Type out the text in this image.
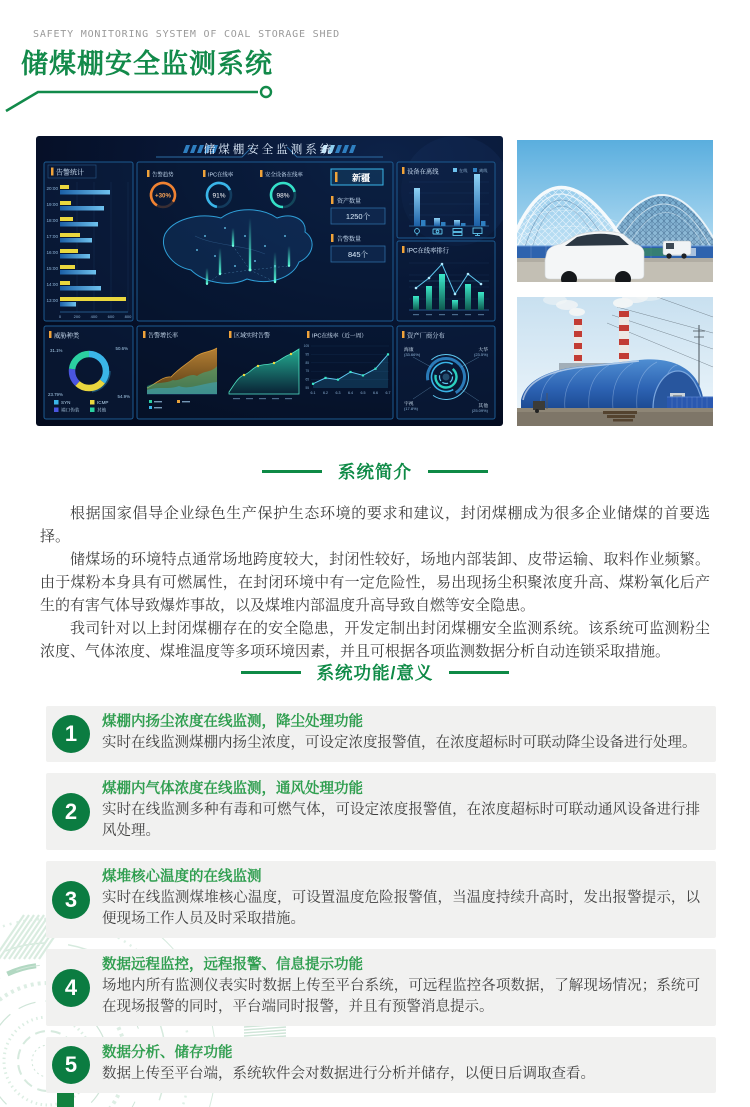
SAFETY MONITORING SYSTEM OF COAL STORAGE SHED
储煤棚安全监测系统
储煤棚安全监测系统
告警统计
20:00
19:00
18:00
17:00
16:00
15:00
14:00
13:00
0	200	400	600	800
告警趋势
+30%
IPC在线率
91%
安全设备在线率
98%
新疆
资产数量
1250个
告警数量
845个
设备在离线	在线	离线
IPC在线率排行
威胁种类
31.1%	50.6%
23.79%	54.9%
SYN	ICMP
端口伪装	其他
告警增长率	区域实时告警	IPC在线率（近一周）
105
95
85
75
65
55
6.1 6.2 6.3 6.4 6.5 6.6 6.7
资产厂商分布
海康
(33.66%)
大华
(23.5%)
宇视
(17.8%)	其他
(25.09%)
系统简介

根据国家倡导企业绿色生产保护生态环境的要求和建议，封闭煤棚成为很多企业储煤的首要选择。

储煤场的环境特点通常场地跨度较大，封闭性较好，场地内部装卸、皮带运输、取料作业频繁。由于煤粉本身具有可燃属性，在封闭环境中有一定危险性，易出现扬尘积聚浓度升高、煤粉氧化后产生的有害气体导致爆炸事故，以及煤堆内部温度升高导致自燃等安全隐患。

我司针对以上封闭煤棚存在的安全隐患，开发定制出封闭煤棚安全监测系统。该系统可监测粉尘浓度、气体浓度、煤堆温度等多项环境因素，并且可根据各项监测数据分析自动连锁采取措施。

系统功能/意义
煤棚内扬尘浓度在线监测，降尘处理功能
实时在线监测煤棚内扬尘浓度，可设定浓度报警值，在浓度超标时可联动降尘设备进行处理。
1
煤棚内气体浓度在线监测，通风处理功能
实时在线监测多种有毒和可燃气体，可设定浓度报警值，在浓度超标时可联动通风设备进行排风处理。
2
煤堆核心温度的在线监测
实时在线监测煤堆核心温度，可设置温度危险报警值，当温度持续升高时，发出报警提示，以便现场工作人员及时采取措施。
3
数据远程监控，远程报警、信息提示功能
场地内所有监测仪表实时数据上传至平台系统，可远程监控各项数据，了解现场情况；系统可在现场报警的同时，平台端同时报警，并且有预警消息提示。
4
数据分析、储存功能
数据上传至平台端，系统软件会对数据进行分析并储存，以便日后调取查看。
5
